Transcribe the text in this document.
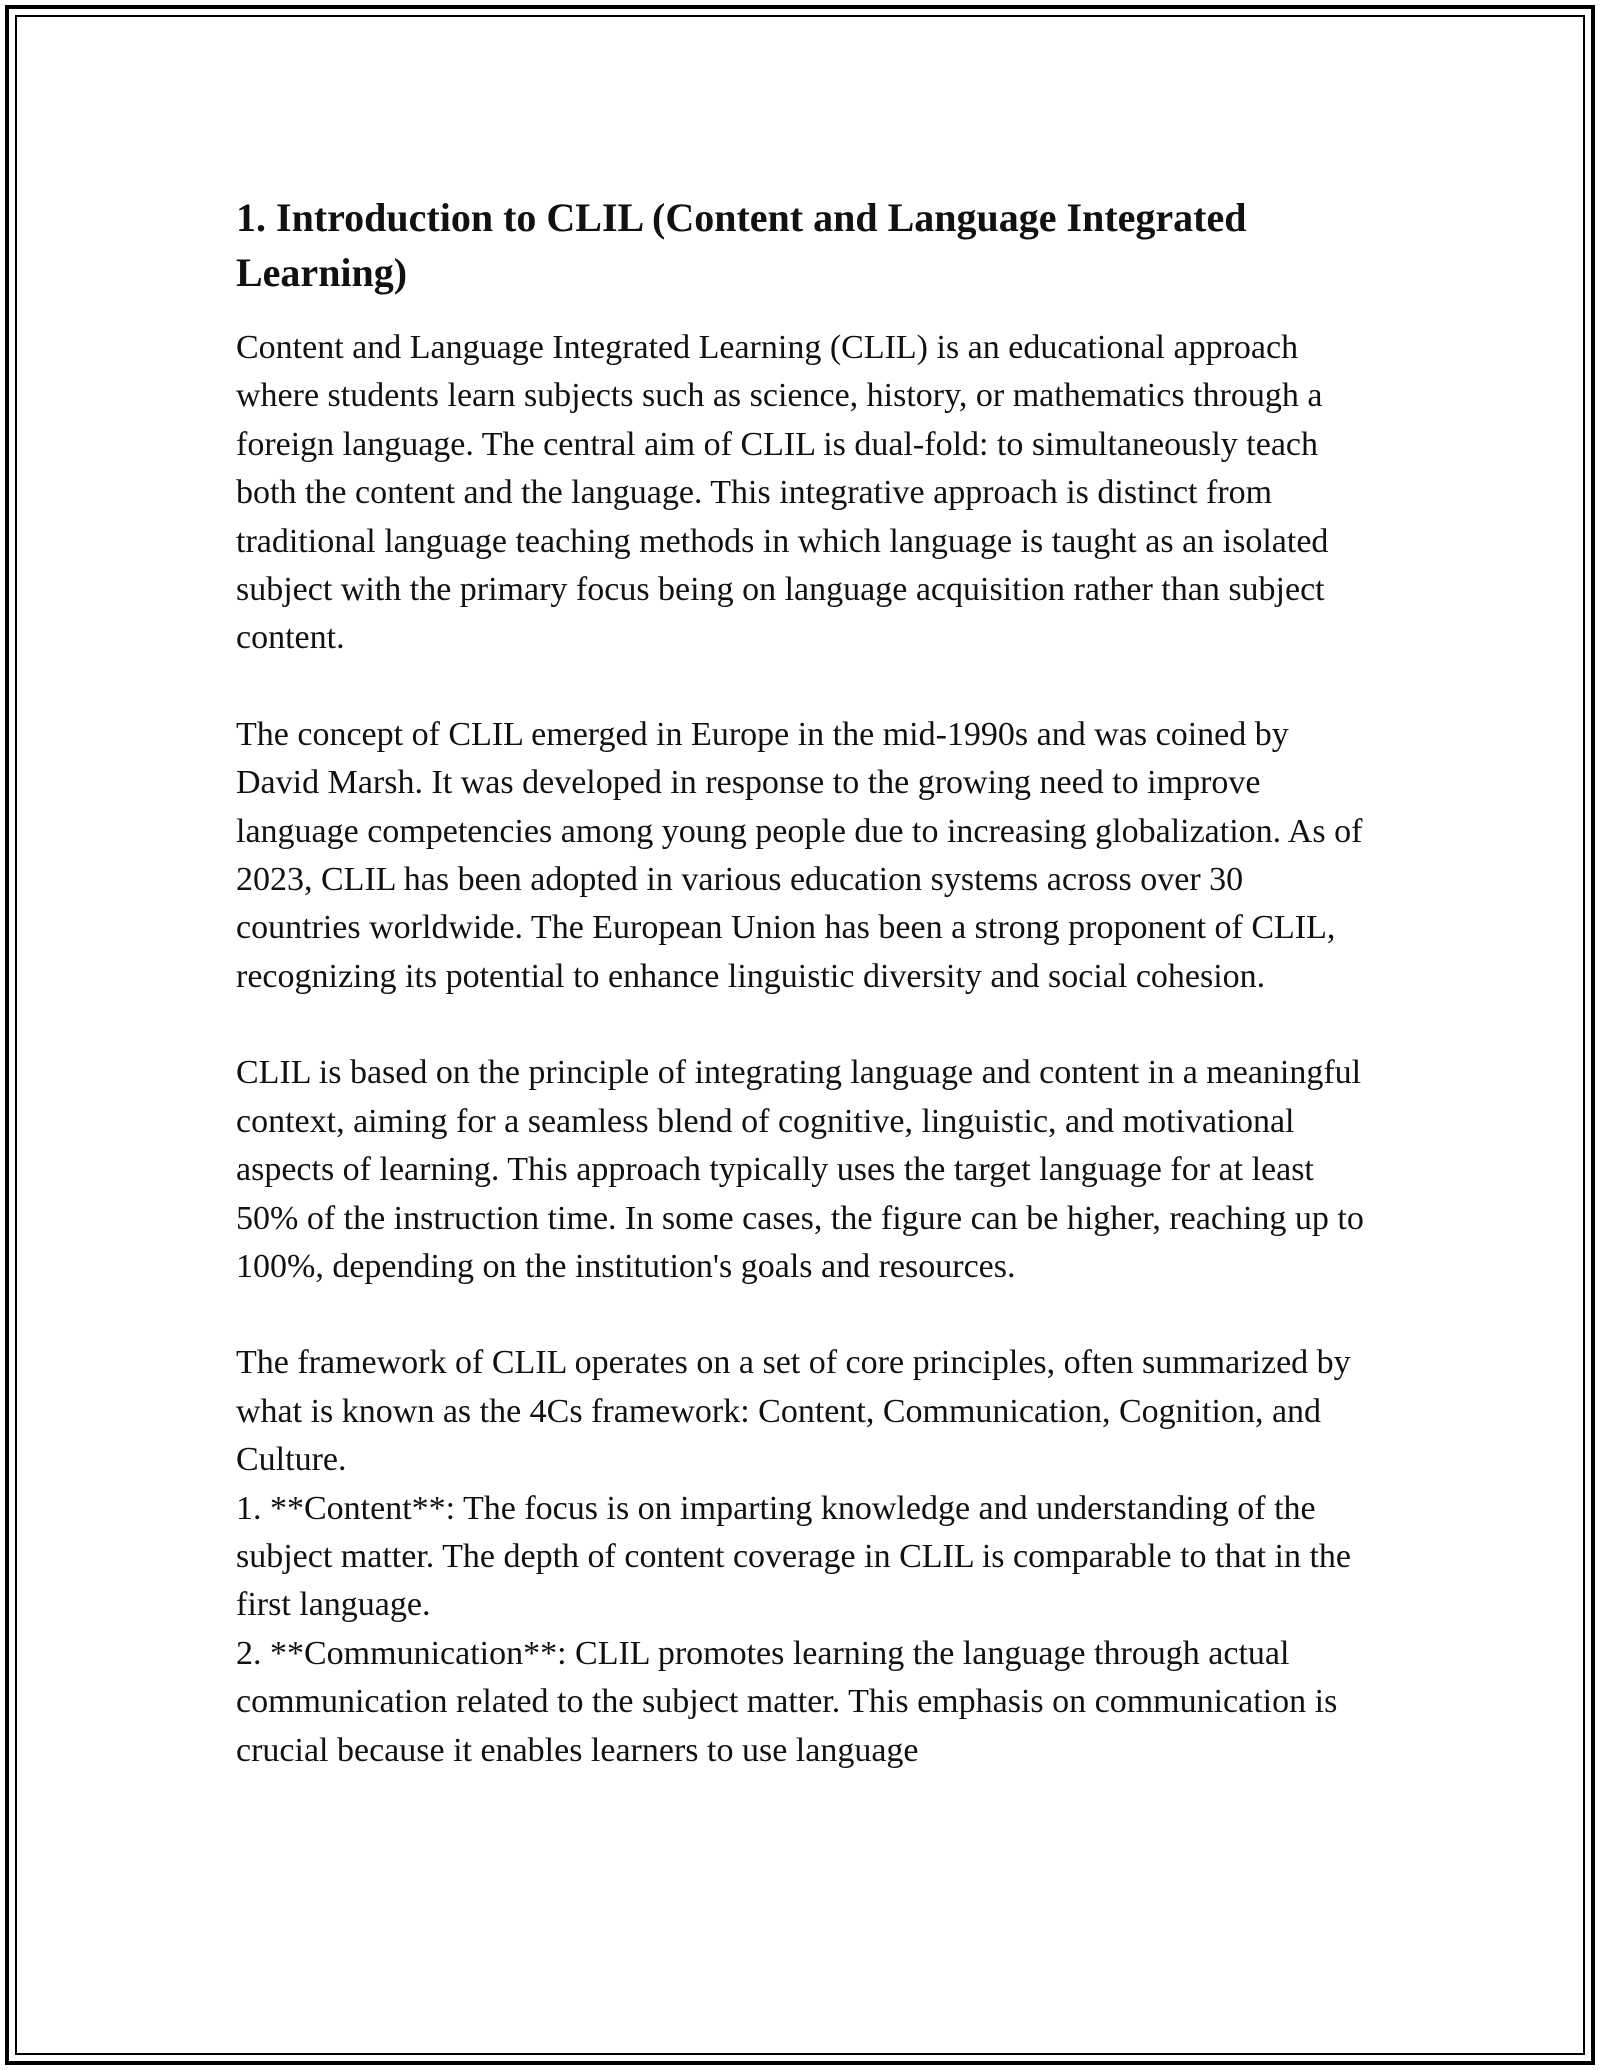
1. Introduction to CLIL (Content and Language Integrated Learning)

Content and Language Integrated Learning (CLIL) is an educational approach where students learn subjects such as science, history, or mathematics through a foreign language. The central aim of CLIL is dual-fold: to simultaneously teach both the content and the language. This integrative approach is distinct from traditional language teaching methods in which language is taught as an isolated subject with the primary focus being on language acquisition rather than subject content.

The concept of CLIL emerged in Europe in the mid-1990s and was coined by David Marsh. It was developed in response to the growing need to improve language competencies among young people due to increasing globalization. As of 2023, CLIL has been adopted in various education systems across over 30 countries worldwide. The European Union has been a strong proponent of CLIL, recognizing its potential to enhance linguistic diversity and social cohesion.

CLIL is based on the principle of integrating language and content in a meaningful context, aiming for a seamless blend of cognitive, linguistic, and motivational aspects of learning. This approach typically uses the target language for at least 50% of the instruction time. In some cases, the figure can be higher, reaching up to 100%, depending on the institution's goals and resources.

The framework of CLIL operates on a set of core principles, often summarized by what is known as the 4Cs framework: Content, Communication, Cognition, and Culture.

1. **Content**: The focus is on imparting knowledge and understanding of the subject matter. The depth of content coverage in CLIL is comparable to that in the first language.

2. **Communication**: CLIL promotes learning the language through actual communication related to the subject matter. This emphasis on communication is crucial because it enables learners to use language
